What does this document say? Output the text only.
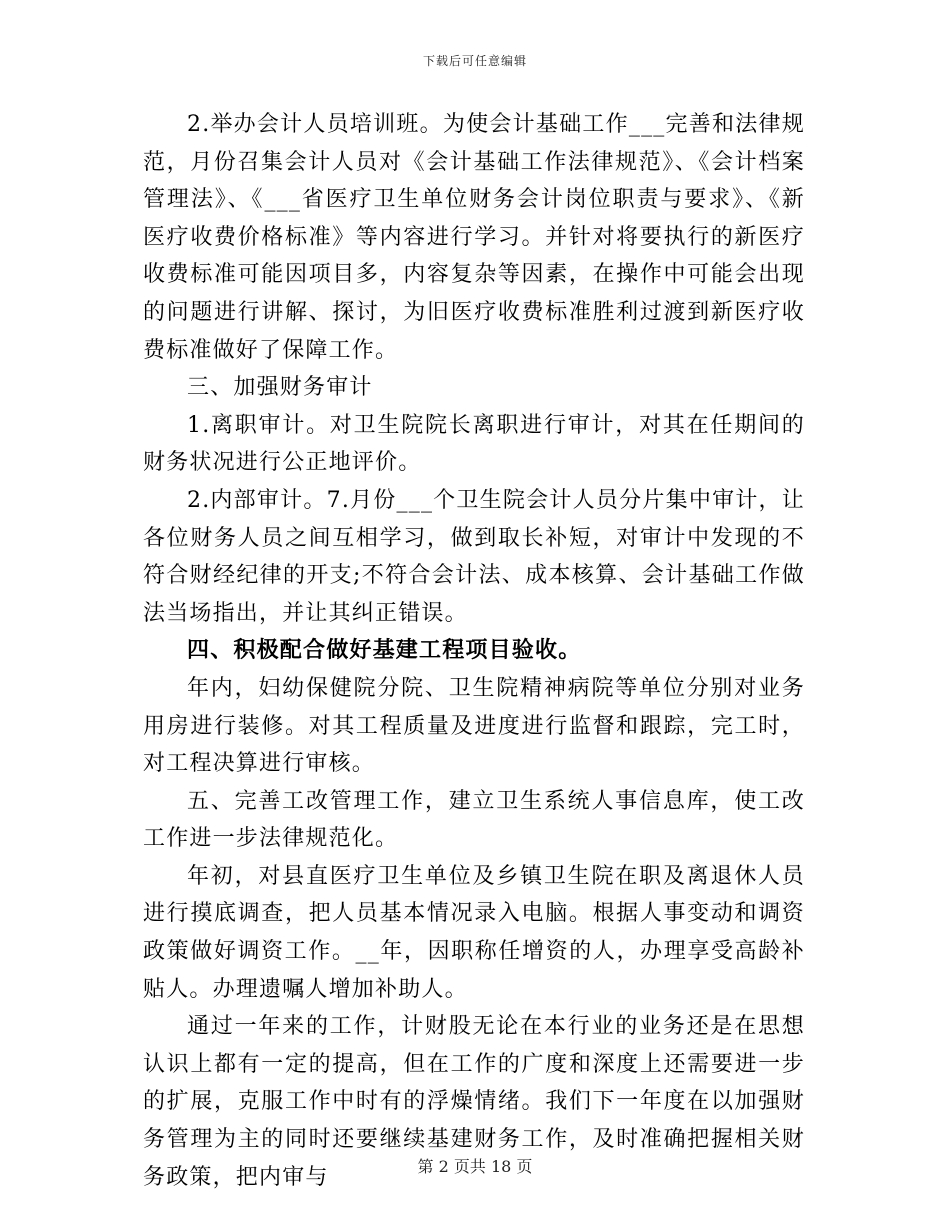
下载后可任意编辑

2.举办会计人员培训班。为使会计基础工作___完善和法律规范，月份召集会计人员对《会计基础工作法律规范》、《会计档案管理法》、《___省医疗卫生单位财务会计岗位职责与要求》、《新医疗收费价格标准》等内容进行学习。并针对将要执行的新医疗收费标准可能因项目多，内容复杂等因素，在操作中可能会出现的问题进行讲解、探讨，为旧医疗收费标准胜利过渡到新医疗收费标准做好了保障工作。

三、加强财务审计

1.离职审计。对卫生院院长离职进行审计，对其在任期间的财务状况进行公正地评价。

2.内部审计。7.月份___个卫生院会计人员分片集中审计，让各位财务人员之间互相学习，做到取长补短，对审计中发现的不符合财经纪律的开支;不符合会计法、成本核算、会计基础工作做法当场指出，并让其纠正错误。

四、积极配合做好基建工程项目验收。

年内，妇幼保健院分院、卫生院精神病院等单位分别对业务用房进行装修。对其工程质量及进度进行监督和跟踪，完工时，对工程决算进行审核。

五、完善工改管理工作，建立卫生系统人事信息库，使工改工作进一步法律规范化。

年初，对县直医疗卫生单位及乡镇卫生院在职及离退休人员进行摸底调查，把人员基本情况录入电脑。根据人事变动和调资政策做好调资工作。__年，因职称任增资的人，办理享受高龄补贴人。办理遗嘱人增加补助人。

通过一年来的工作，计财股无论在本行业的业务还是在思想认识上都有一定的提高，但在工作的广度和深度上还需要进一步的扩展，克服工作中时有的浮燥情绪。我们下一年度在以加强财务管理为主的同时还要继续基建财务工作，及时准确把握相关财务政策，把内审与	第 2 页共 18 页
